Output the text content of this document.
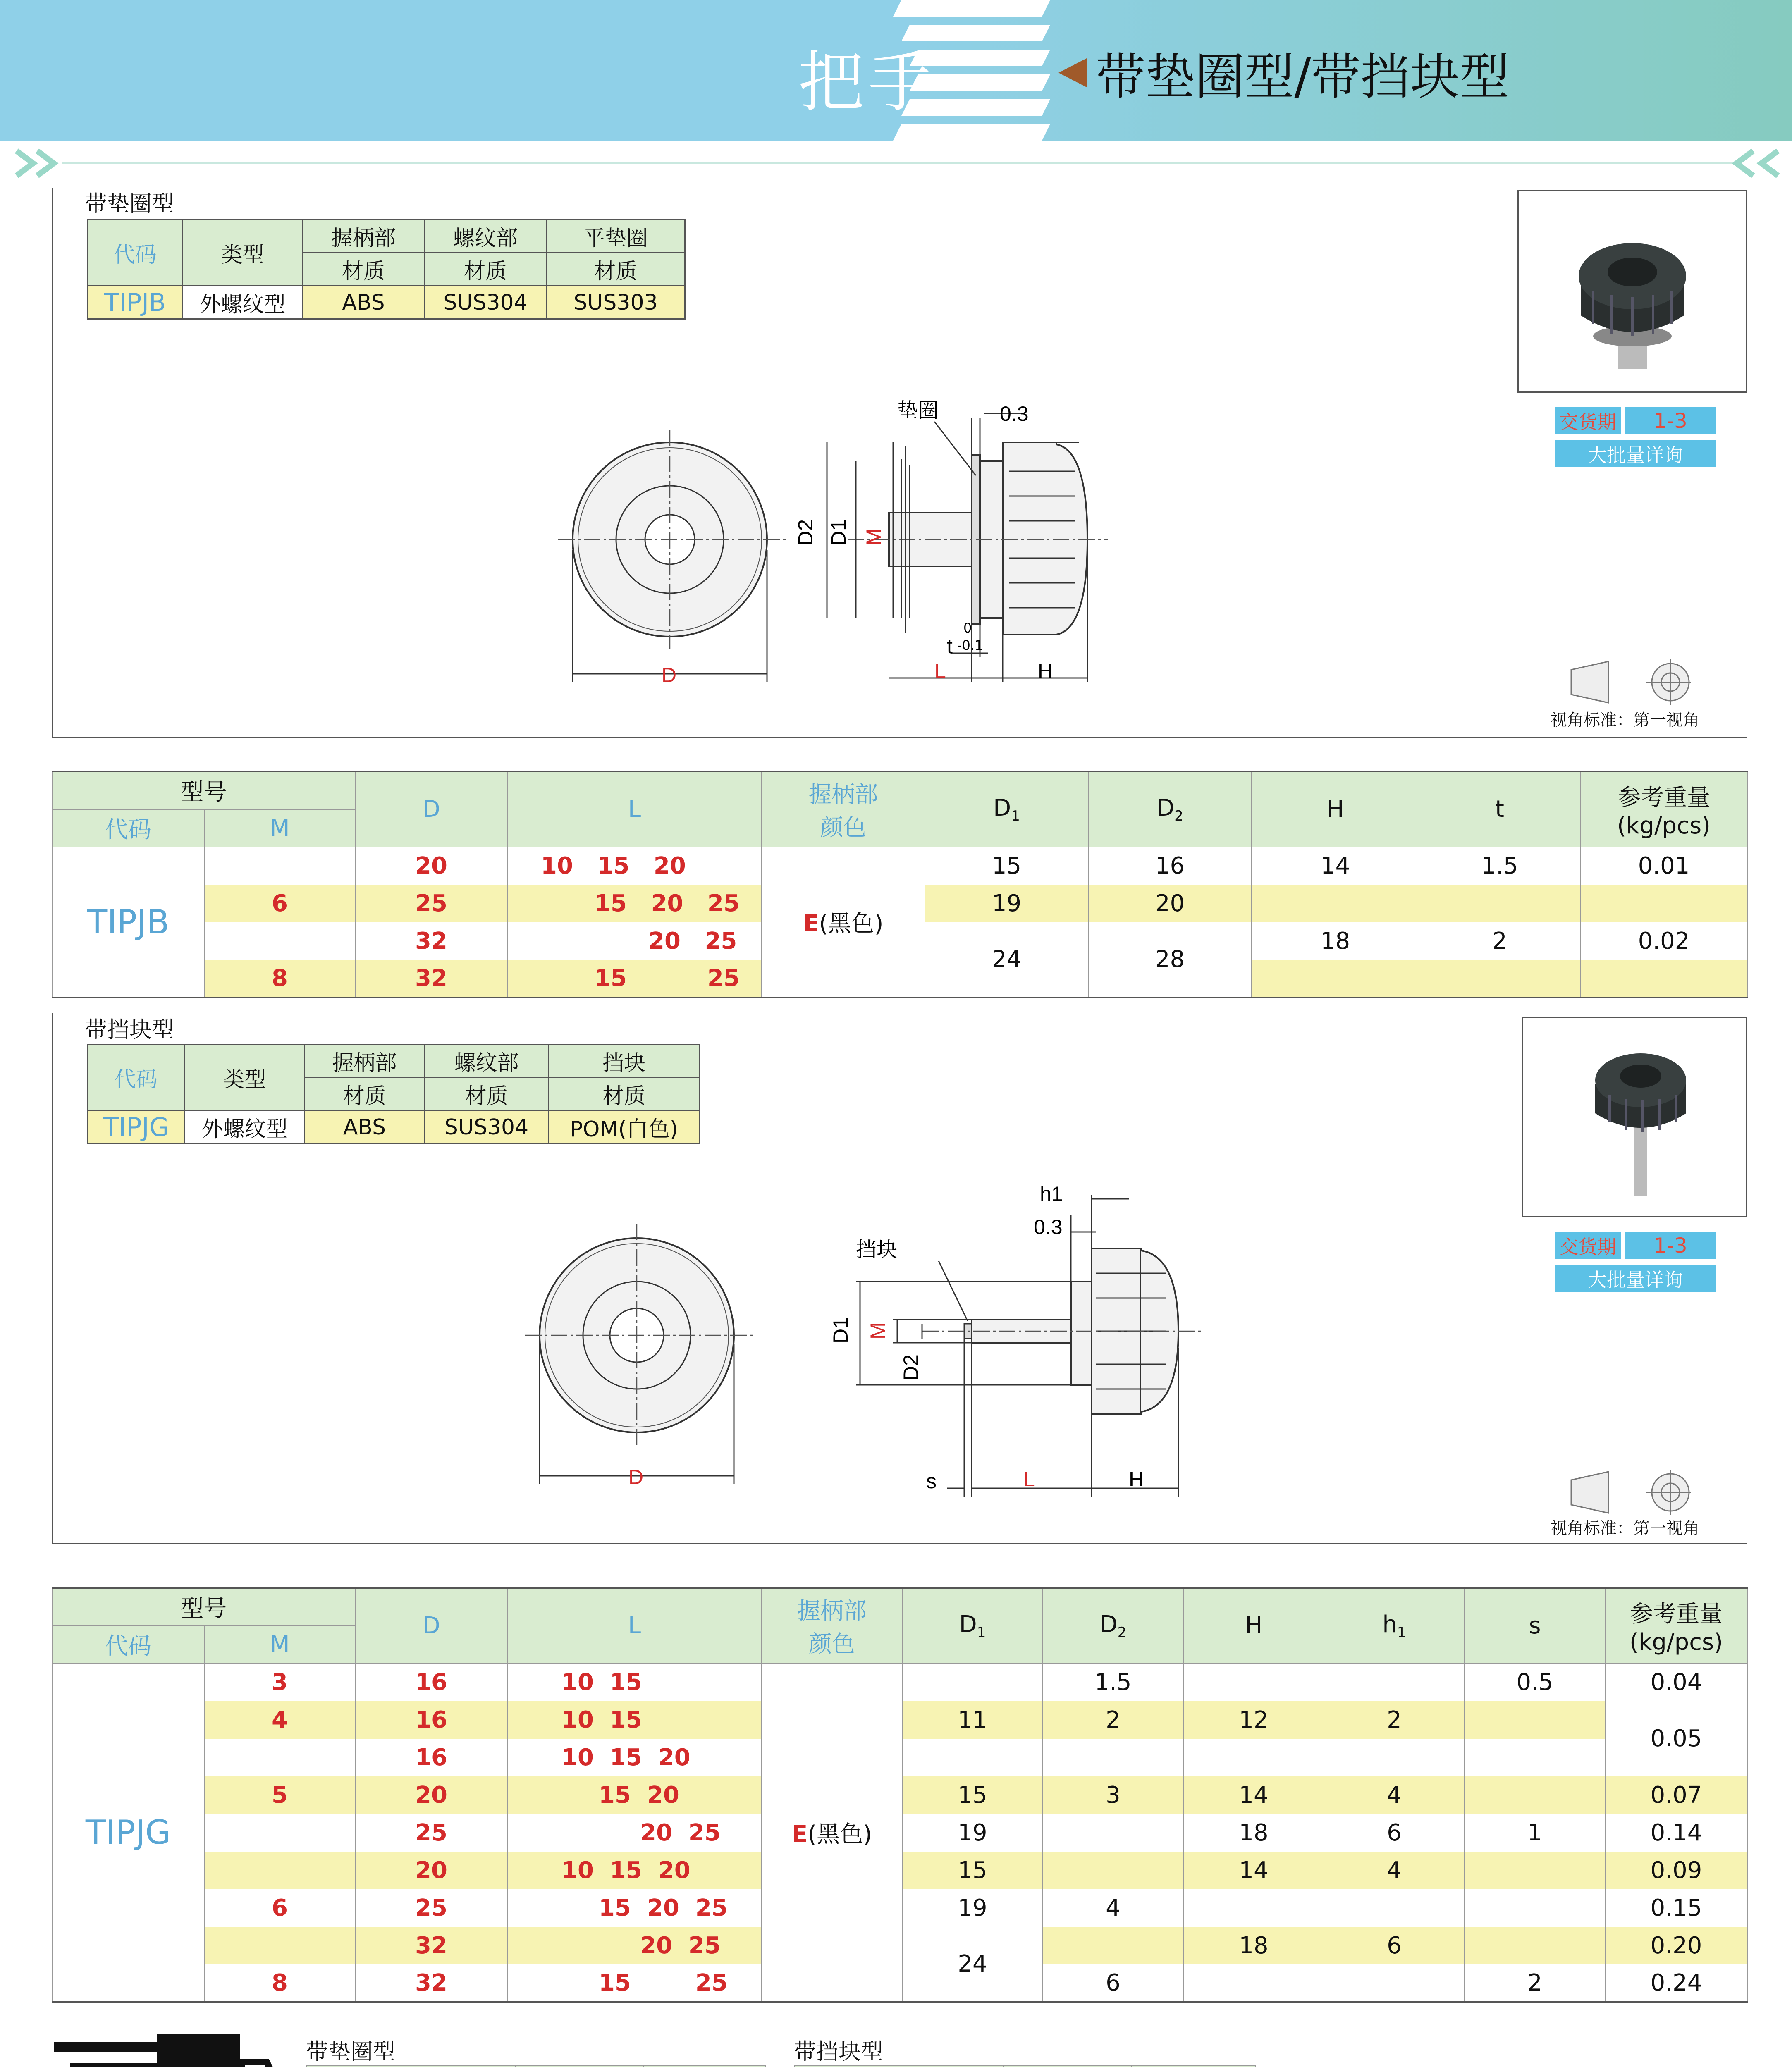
把手	带垫圈型/带挡块型
带垫圈型
代码	类型	握柄部	螺纹部	平垫圈
		材质	材质	材质
TIPJB	外螺纹型	ABS	SUS304	SUS303
交货期	1-3
大批量详询
D
0.3
垫圈
D2 D1 M
t
0
-0.1
L	H
视角标准：第一视角
型号		D	L	握柄部
颜色	$D_1$	$D_2$	H	t	参考重量
(kg/pcs)
代码	M								
TIPJB		20	10 15 20	E(黑色)	15	16	14	1.5	0.01
	6	25	15 20 25		19	20			
		32	20 25		24	28	18	2	0.02
	8	32	15 25						
带挡块型
代码	类型	握柄部	螺纹部	挡块
		材质	材质	材质
TIPJG	外螺纹型	ABS	SUS304	POM(白色)
交货期	1-3
大批量详询
D
h1
0.3
挡块
D1 M
D2
s	L	H
视角标准：第一视角
型号		D	L	握柄部
颜色	$D_1$	$D_2$	H	$h_1$	s	参考重量
(kg/pcs)
代码	M									
TIPJG	3	16	10  15	E(黑色)		1.5			0.5	0.04
	4	16	10  15		11	2	12	2		0.05
		16	10  15  20							
	5	20	15  20		15	3	14	4		0.07
		25	20  25		19		18	6	1	0.14
		20	10  15  20		15		14	4		0.09
	6	25	15  20  25		19	4				0.15
		32	20  25		24		18	6		0.20
	8	32	15        25			6			2	0.24
带垫圈型

		带挡块型
